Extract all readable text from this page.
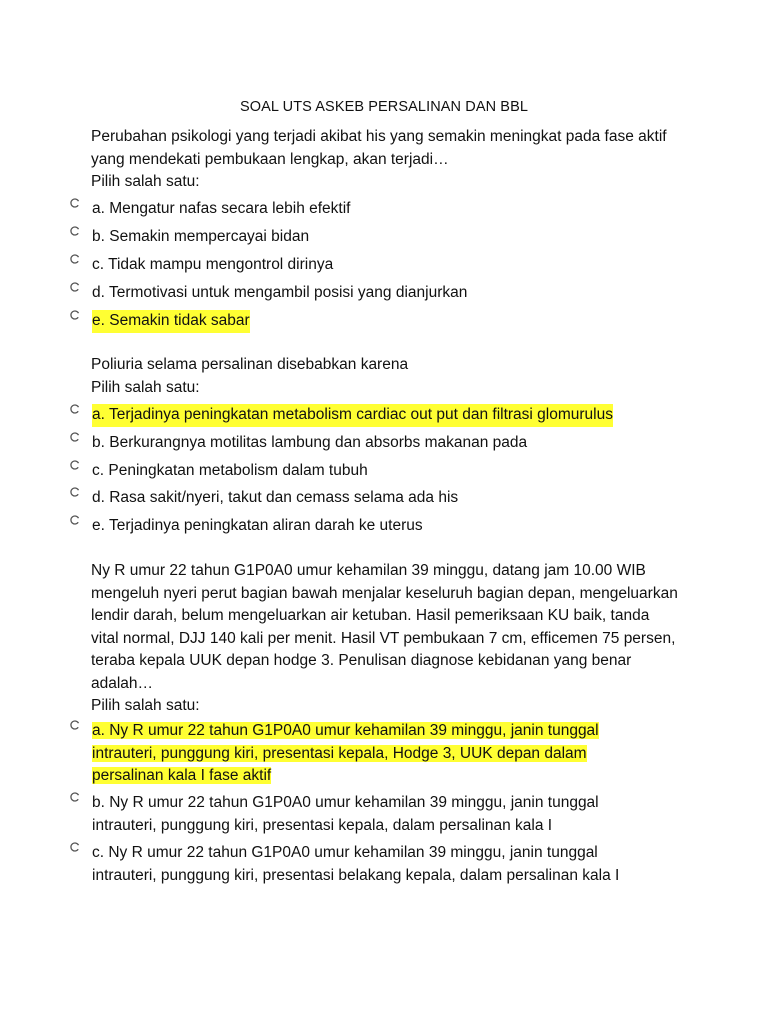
SOAL UTS ASKEB PERSALINAN DAN BBL

Perubahan psikologi yang terjadi akibat his yang semakin meningkat pada fase aktif yang mendekati pembukaan lengkap, akan terjadi…

Pilih salah satu:

a. Mengatur nafas secara lebih efektif
b. Semakin mempercayai bidan
c. Tidak mampu mengontrol dirinya
d. Termotivasi untuk mengambil posisi yang dianjurkan
e. Semakin tidak sabar

Poliuria selama persalinan disebabkan karena

Pilih salah satu:

a. Terjadinya peningkatan metabolism cardiac out put dan filtrasi glomurulus
b. Berkurangnya motilitas lambung dan absorbs makanan pada
c. Peningkatan metabolism dalam tubuh
d. Rasa sakit/nyeri, takut dan cemass selama ada his
e. Terjadinya peningkatan aliran darah ke uterus

Ny R umur 22 tahun G1P0A0 umur kehamilan 39 minggu, datang jam 10.00 WIB mengeluh nyeri perut bagian bawah menjalar keseluruh bagian depan, mengeluarkan lendir darah, belum mengeluarkan air ketuban. Hasil pemeriksaan KU baik, tanda vital normal, DJJ 140 kali per menit. Hasil VT pembukaan 7 cm, efficemen 75 persen, teraba kepala UUK depan hodge 3. Penulisan diagnose kebidanan yang benar adalah…

Pilih salah satu:

a. Ny R umur 22 tahun G1P0A0 umur kehamilan 39 minggu, janin tunggal intrauteri, punggung kiri, presentasi kepala, Hodge 3, UUK depan dalam persalinan kala I fase aktif
b. Ny R umur 22 tahun G1P0A0 umur kehamilan 39 minggu, janin tunggal intrauteri, punggung kiri, presentasi kepala, dalam persalinan kala I
c. Ny R umur 22 tahun G1P0A0 umur kehamilan 39 minggu, janin tunggal intrauteri, punggung kiri, presentasi belakang kepala, dalam persalinan kala I
